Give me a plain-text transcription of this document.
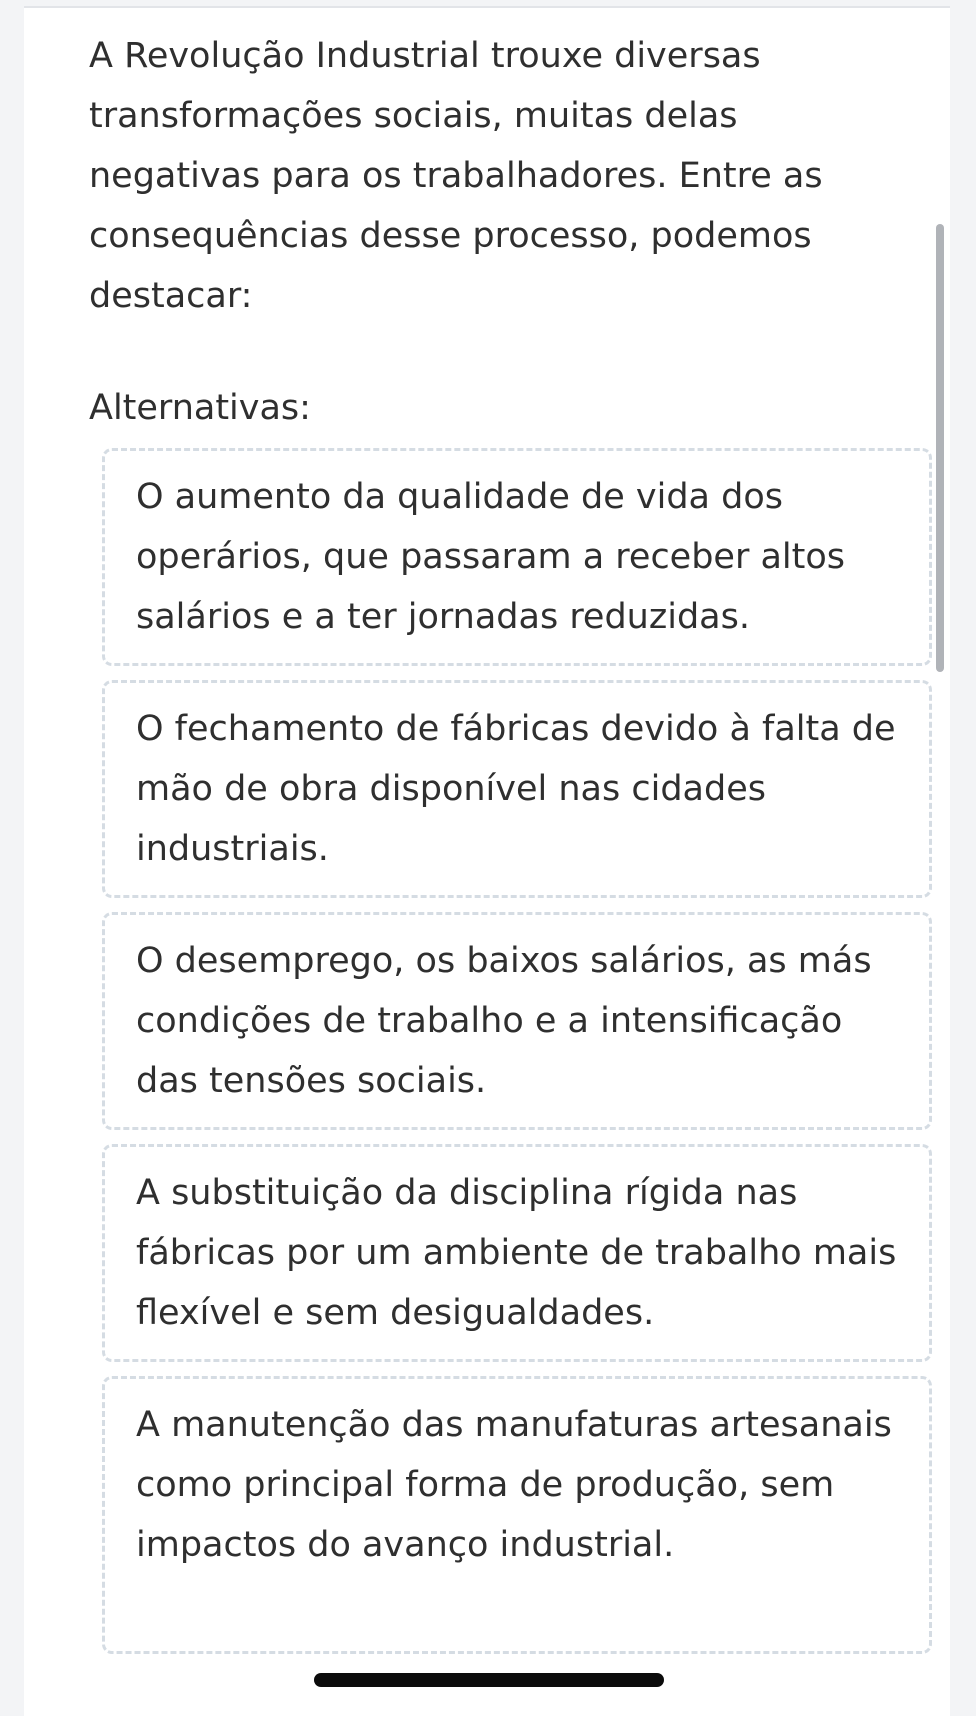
A Revolução Industrial trouxe diversas transformações sociais, muitas delas negativas para os trabalhadores. Entre as consequências desse processo, podemos destacar:

Alternativas:

O aumento da qualidade de vida dos operários, que passaram a receber altos salários e a ter jornadas reduzidas.
O fechamento de fábricas devido à falta de mão de obra disponível nas cidades industriais.
O desemprego, os baixos salários, as más condições de trabalho e a intensificação das tensões sociais.
A substituição da disciplina rígida nas fábricas por um ambiente de trabalho mais flexível e sem desigualdades.
A manutenção das manufaturas artesanais como principal forma de produção, sem impactos do avanço industrial.
